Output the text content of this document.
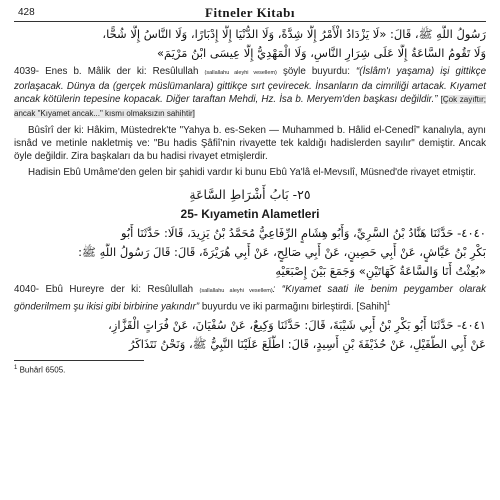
428	Fitneler Kitabı
رَسُولُ اللَّهِ ﷺ، قَالَ: «لَا يَزْدَادُ الْأَمْرُ إِلَّا شِدَّةً، وَلَا الدُّنْيَا إِلَّا إِدْبَارًا، وَلَا النَّاسُ إِلَّا شُحًّا،
وَلَا تَقُومُ السَّاعَةُ إِلَّا عَلَى شِرَارِ النَّاسِ، وَلَا الْمَهْدِيُّ إِلَّا عِيسَى ابْنُ مَرْيَمَ»

4039- Enes b. Mâlik der ki: Resûlullah (sallallahu aleyhi vesellem) şöyle buyurdu: “(İslâm'ı yaşama) işi gittikçe zorlaşacak. Dünya da (gerçek müslümanlara) gittikçe sırt çevirecek. İnsanların da cimriliği artacak. Kıyamet ancak kötülerin tepesine kopacak. Diğer taraftan Mehdi, Hz. İsa b. Meryem'den başkası değildir.” [Çok zayıftır; ancak "Kıyamet ancak..." kısmı olmaksızın sahihtir]

Bûsîrî der ki: Hâkim, Müstedrek'te "Yahya b. es-Seken — Muhammed b. Hâlid el-Cenedî" kanalıyla, aynı isnâd ve metinle nakletmiş ve: "Bu hadis Şâfiî'nin rivayette tek kaldığı hadislerden sayılır" demiştir. Ancak öyle değildir. Zira başkaları da bu hadisi rivayet etmişlerdir.

Hadisin Ebû Umâme'den gelen bir şahidi vardır ki bunu Ebû Ya'lâ el-Mevsılî, Müsned'de rivayet etmiştir.

٢٥- بَابُ أَشْرَاطِ السَّاعَةِ
25- Kıyametin Alametleri
٤٠٤٠- حَدَّثَنَا هَنَّادُ بْنُ السَّرِيِّ، وَأَبُو هِشَامٍ الرِّفَاعِيُّ مُحَمَّدُ بْنُ يَزِيدَ، قَالَا: حَدَّثَنَا أَبُو
بَكْرِ بْنُ عَيَّاشٍ، عَنْ أَبِي حَصِينٍ، عَنْ أَبِي صَالِحٍ، عَنْ أَبِي هُرَيْرَةَ، قَالَ: قَالَ رَسُولُ اللَّهِ ﷺ:
«بُعِثْتُ أَنَا وَالسَّاعَةُ كَهَاتَيْنِ» وَجَمَعَ بَيْنَ إِصْبَعَيْهِ

4040- Ebû Hureyre der ki: Resûlullah (sallallahu aleyhi vesellem): “Kıyamet saati ile benim peygamber olarak gönderilmem şu ikisi gibi birbirine yakındır” buyurdu ve iki parmağını birleştirdi. [Sahih]$^1$

٤٠٤١- حَدَّثَنَا أَبُو بَكْرِ بْنُ أَبِي شَيْبَةَ، قَالَ: حَدَّثَنَا وَكِيعٌ، عَنْ سُفْيَانَ، عَنْ فُرَاتٍ الْقَزَّازِ،
عَنْ أَبِي الطُّفَيْلِ، عَنْ حُذَيْفَةَ بْنِ أَسِيدٍ، قَالَ: اطَّلَعَ عَلَيْنَا النَّبِيُّ ﷺ، وَنَحْنُ نَتَذَاكَرُ
$^1$ Buhârî 6505.
